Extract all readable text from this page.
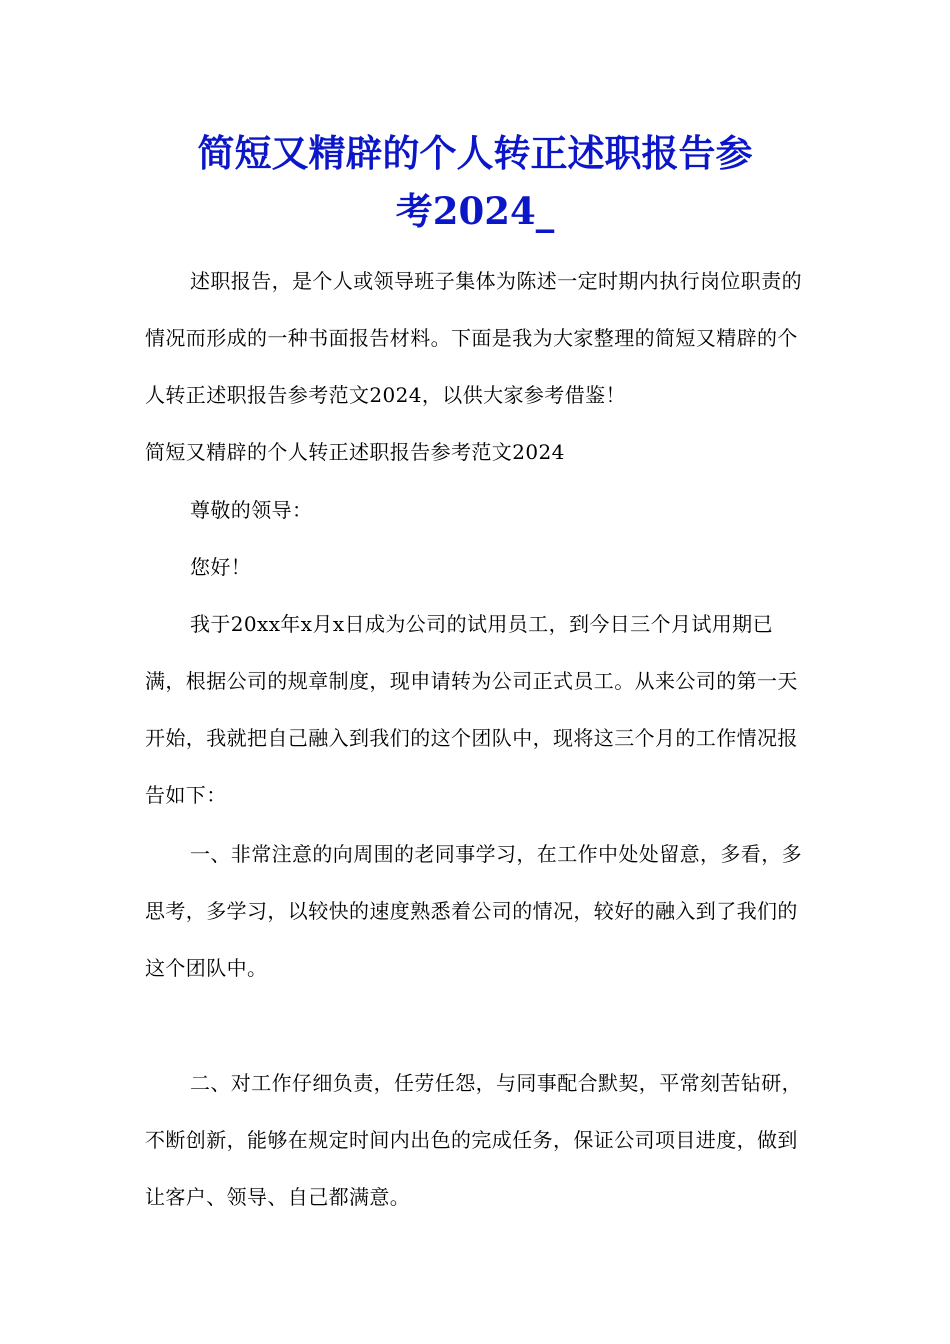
简短又精辟的个人转正述职报告参
考2024_

述职报告，是个人或领导班子集体为陈述一定时期内执行岗位职责的情况而形成的一种书面报告材料。下面是我为大家整理的简短又精辟的个人转正述职报告参考范文2024，以供大家参考借鉴！

简短又精辟的个人转正述职报告参考范文2024

尊敬的领导：

您好！

我于20xx年x月x日成为公司的试用员工，到今日三个月试用期已满，根据公司的规章制度，现申请转为公司正式员工。从来公司的第一天开始，我就把自己融入到我们的这个团队中，现将这三个月的工作情况报告如下：

一、非常注意的向周围的老同事学习，在工作中处处留意，多看，多思考，多学习，以较快的速度熟悉着公司的情况，较好的融入到了我们的这个团队中。

二、对工作仔细负责，任劳任怨，与同事配合默契，平常刻苦钻研，不断创新，能够在规定时间内出色的完成任务，保证公司项目进度，做到让客户、领导、自己都满意。
